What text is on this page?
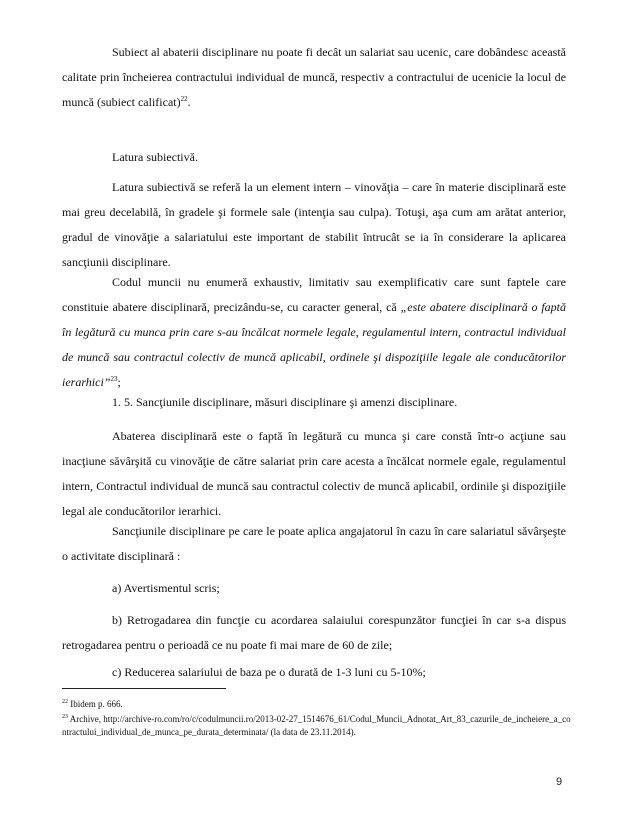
Subiect al abaterii disciplinare nu poate fi decât un salariat sau ucenic, care dobândesc această calitate prin încheierea contractului individual de muncă, respectiv a contractului de ucenicie la locul de muncă (subiect calificat)$^{22}$.

Latura subiectivă.

Latura subiectivă se referă la un element intern – vinovăţia – care în materie disciplinară este mai greu decelabilă, în gradele şi formele sale (intenţia sau culpa). Totuşi, aşa cum am arătat anterior, gradul de vinovăţie a salariatului este important de stabilit întrucât se ia în considerare la aplicarea sancţiunii disciplinare.

Codul muncii nu enumeră exhaustiv, limitativ sau exemplificativ care sunt faptele care constituie abatere disciplinară, precizându-se, cu caracter general, că „este abatere disciplinară o faptă în legătură cu munca prin care s-au încălcat normele legale, regulamentul intern, contractul individual de muncă sau contractul colectiv de muncă aplicabil, ordinele şi dispoziţiile legale ale conducătorilor ierarhici”$^{23}$;

1. 5. Sancţiunile disciplinare, măsuri disciplinare şi amenzi disciplinare.

Abaterea disciplinară este o faptă în legătură cu munca şi care constă într-o acţiune sau inacţiune săvârşită cu vinovăţie de către salariat prin care acesta a încălcat normele egale, regulamentul intern, Contractul individual de muncă sau contractul colectiv de muncă aplicabil, ordinile şi dispoziţiile legal ale conducătorilor ierarhici.

Sancţiunile disciplinare pe care le poate aplica angajatorul în cazu în care salariatul săvârşeşte o activitate disciplinară :

a) Avertismentul scris;

b) Retrogadarea din funcţie cu acordarea salaiului corespunzător funcţiei în car s-a dispus retrogadarea pentru o perioadă ce nu poate fi mai mare de 60 de zile;

c) Reducerea salariului de baza pe o durată de 1-3 luni cu 5-10%;

$^{22}$ Ibidem p. 666.

$^{23}$ Archive, http://archive-ro.com/ro/c/codulmuncii.ro/2013-02-27_1514676_61/Codul_Muncii_Adnotat_Art_83_cazurile_de_incheiere_a_contractului_individual_de_munca_pe_durata_determinata/ (la data de 23.11.2014).

9
